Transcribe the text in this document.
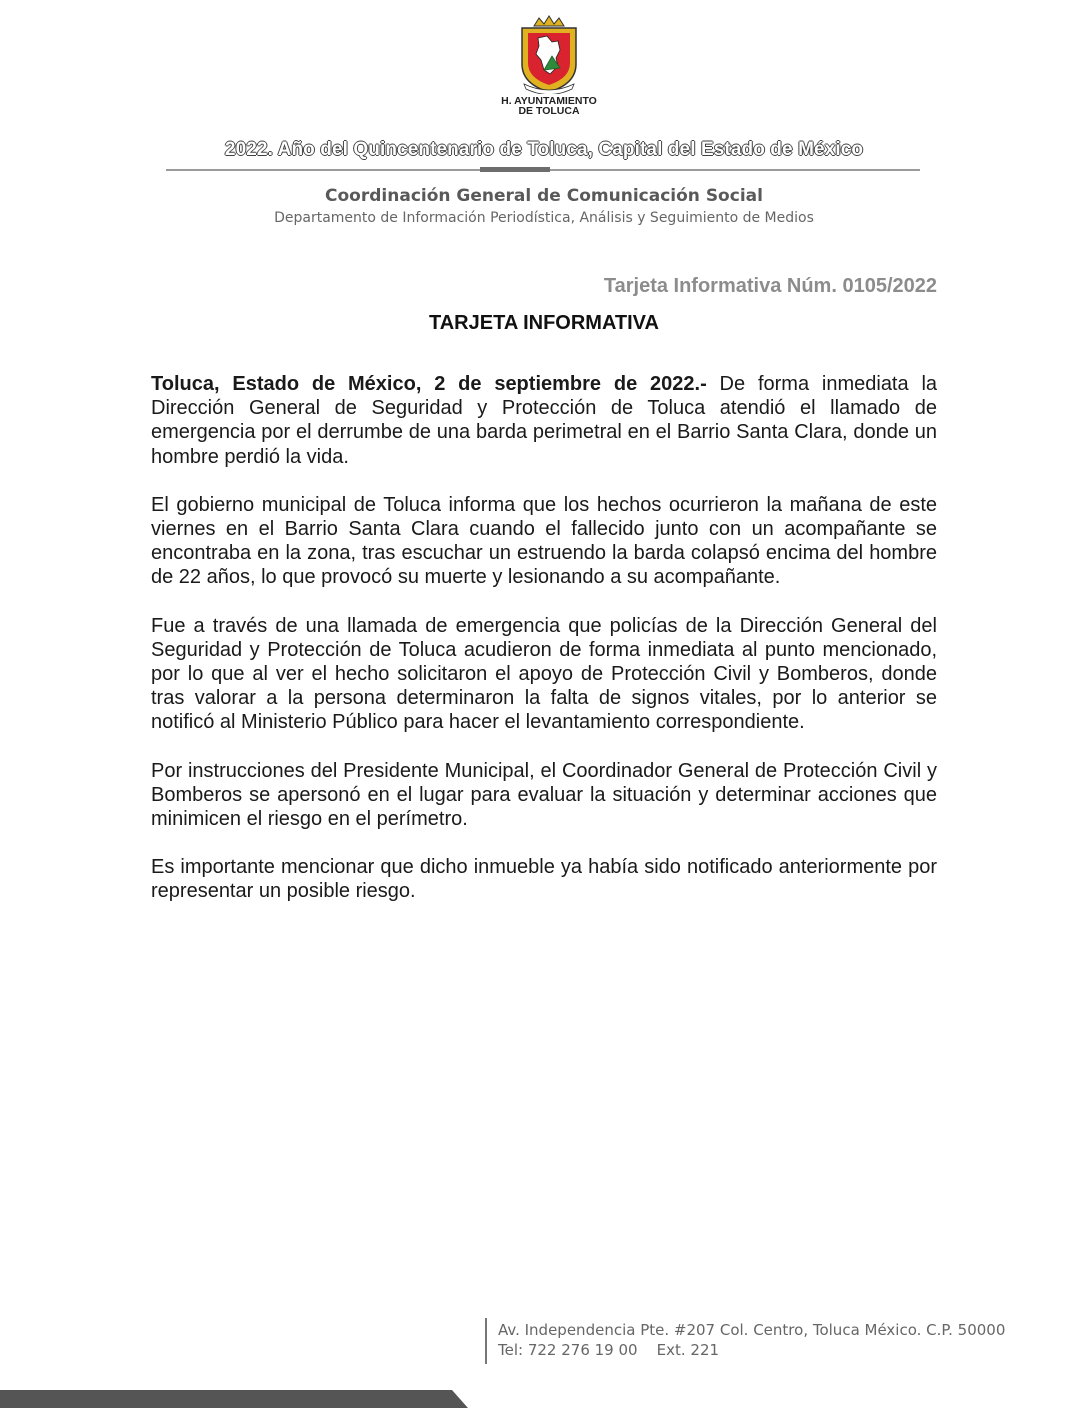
H. AYUNTAMIENTO
DE TOLUCA
2022. Año del Quincentenario de Toluca, Capital del Estado de México
Coordinación General de Comunicación Social
Departamento de Información Periodística, Análisis y Seguimiento de Medios
Tarjeta Informativa Núm. 0105/2022
TARJETA INFORMATIVA

Toluca, Estado de México, 2 de septiembre de 2022.- De forma inmediata la Dirección General de Seguridad y Protección de Toluca atendió el llamado de emergencia por el derrumbe de una barda perimetral en el Barrio Santa Clara, donde un hombre perdió la vida.

El gobierno municipal de Toluca informa que los hechos ocurrieron la mañana de este viernes en el Barrio Santa Clara cuando el fallecido junto con un acompañante se encontraba en la zona, tras escuchar un estruendo la barda colapsó encima del hombre de 22 años, lo que provocó su muerte y lesionando a su acompañante.

Fue a través de una llamada de emergencia que policías de la Dirección General del Seguridad y Protección de Toluca acudieron de forma inmediata al punto mencionado, por lo que al ver el hecho solicitaron el apoyo de Protección Civil y Bomberos, donde tras valorar a la persona determinaron la falta de signos vitales, por lo anterior se notificó al Ministerio Público para hacer el levantamiento correspondiente.

Por instrucciones del Presidente Municipal, el Coordinador General de Protección Civil y Bomberos se apersonó en el lugar para evaluar la situación y determinar acciones que minimicen el riesgo en el perímetro.

Es importante mencionar que dicho inmueble ya había sido notificado anteriormente por representar un posible riesgo.

Av. Independencia Pte. #207 Col. Centro, Toluca México. C.P. 50000
Tel: 722 276 19 00    Ext. 221
